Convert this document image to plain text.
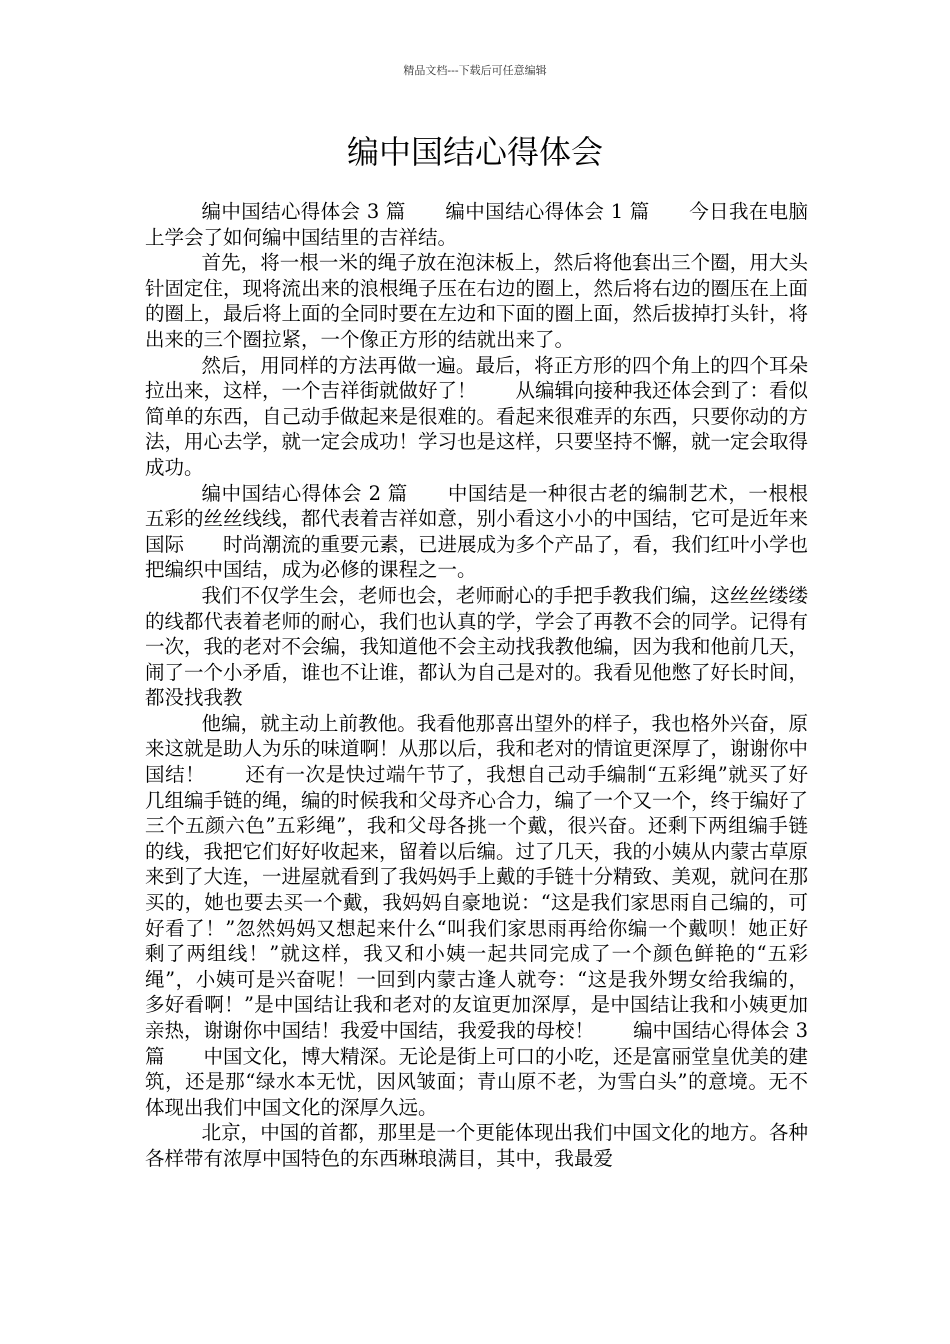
精品文档---下载后可任意编辑
编中国结心得体会

编中国结心得体会 3 篇　　编中国结心得体会 1 篇　　今日我在电脑上学会了如何编中国结里的吉祥结。

首先，将一根一米的绳子放在泡沫板上，然后将他套出三个圈，用大头针固定住，现将流出来的浪根绳子压在右边的圈上，然后将右边的圈压在上面的圈上，最后将上面的全同时要在左边和下面的圈上面，然后拔掉打头针，将出来的三个圈拉紧，一个像正方形的结就出来了。

然后，用同样的方法再做一遍。最后，将正方形的四个角上的四个耳朵拉出来，这样，一个吉祥街就做好了！　　从编辑向接种我还体会到了：看似简单的东西，自己动手做起来是很难的。看起来很难弄的东西，只要你动的方法，用心去学，就一定会成功！学习也是这样，只要坚持不懈，就一定会取得成功。

编中国结心得体会 2 篇　　中国结是一种很古老的编制艺术，一根根五彩的丝丝线线，都代表着吉祥如意，别小看这小小的中国结，它可是近年来国际　　时尚潮流的重要元素，已进展成为多个产品了，看，我们红叶小学也把编织中国结，成为必修的课程之一。

我们不仅学生会，老师也会，老师耐心的手把手教我们编，这丝丝缕缕的线都代表着老师的耐心，我们也认真的学，学会了再教不会的同学。记得有一次，我的老对不会编，我知道他不会主动找我教他编，因为我和他前几天，闹了一个小矛盾，谁也不让谁，都认为自己是对的。我看见他憋了好长时间，都没找我教

他编，就主动上前教他。我看他那喜出望外的样子，我也格外兴奋，原来这就是助人为乐的味道啊！从那以后，我和老对的情谊更深厚了，谢谢你中国结！　　还有一次是快过端午节了，我想自己动手编制“五彩绳”就买了好几组编手链的绳，编的时候我和父母齐心合力，编了一个又一个，终于编好了三个五颜六色”五彩绳”，我和父母各挑一个戴，很兴奋。还剩下两组编手链的线，我把它们好好收起来，留着以后编。过了几天，我的小姨从内蒙古草原来到了大连，一进屋就看到了我妈妈手上戴的手链十分精致、美观，就问在那买的，她也要去买一个戴，我妈妈自豪地说：“这是我们家思雨自己编的，可好看了！”忽然妈妈又想起来什么“叫我们家思雨再给你编一个戴呗！她正好剩了两组线！”就这样，我又和小姨一起共同完成了一个颜色鲜艳的“五彩绳”，小姨可是兴奋呢！一回到内蒙古逢人就夸：“这是我外甥女给我编的，多好看啊！”是中国结让我和老对的友谊更加深厚，是中国结让我和小姨更加亲热，谢谢你中国结！我爱中国结，我爱我的母校！　　编中国结心得体会 3 篇　　中国文化，博大精深。无论是街上可口的小吃，还是富丽堂皇优美的建筑，还是那“绿水本无忧，因风皱面；青山原不老，为雪白头”的意境。无不体现出我们中国文化的深厚久远。

北京，中国的首都，那里是一个更能体现出我们中国文化的地方。各种各样带有浓厚中国特色的东西琳琅满目，其中，我最爱
